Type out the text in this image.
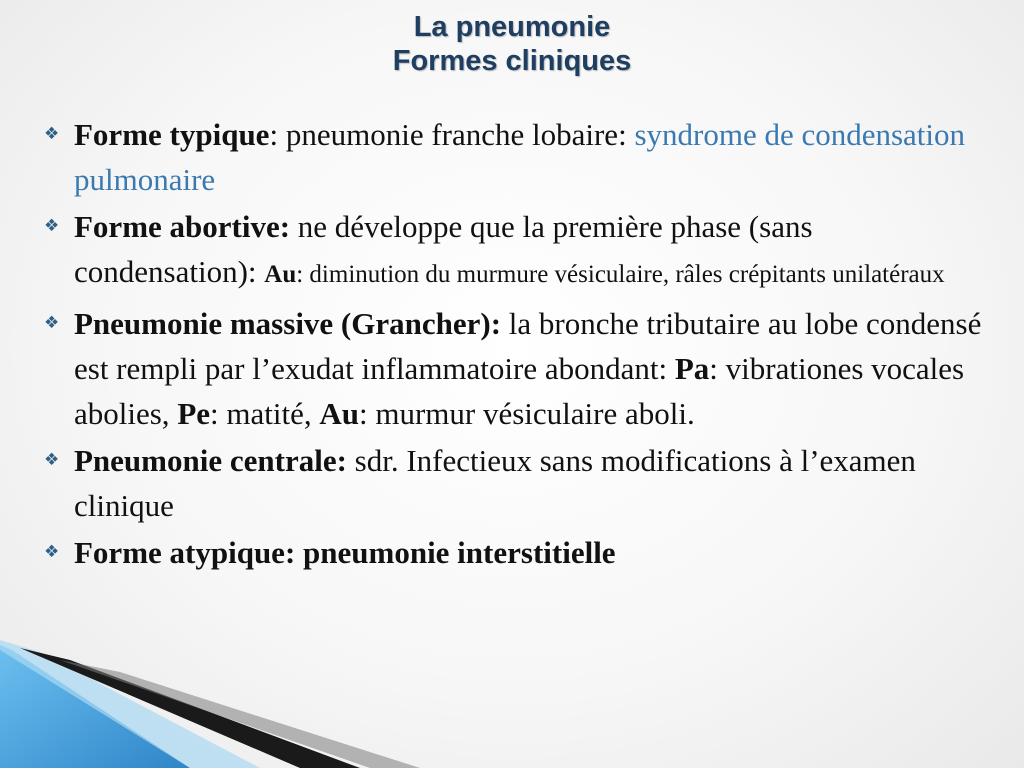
La pneumonie
Formes cliniques
❖ Forme typique: pneumonie franche lobaire: syndrome de condensation pulmonaire
❖ Forme abortive: ne développe que la première phase (sans condensation): Au: diminution du murmure vésiculaire, râles crépitants unilatéraux
❖ Pneumonie massive (Grancher): la bronche tributaire au lobe condensé est rempli par l’exudat inflammatoire abondant: Pa: vibrationes vocales abolies, Pe: matité, Au: murmur vésiculaire aboli.
❖ Pneumonie centrale: sdr. Infectieux sans modifications à l’examen clinique
❖ Forme atypique: pneumonie interstitielle
